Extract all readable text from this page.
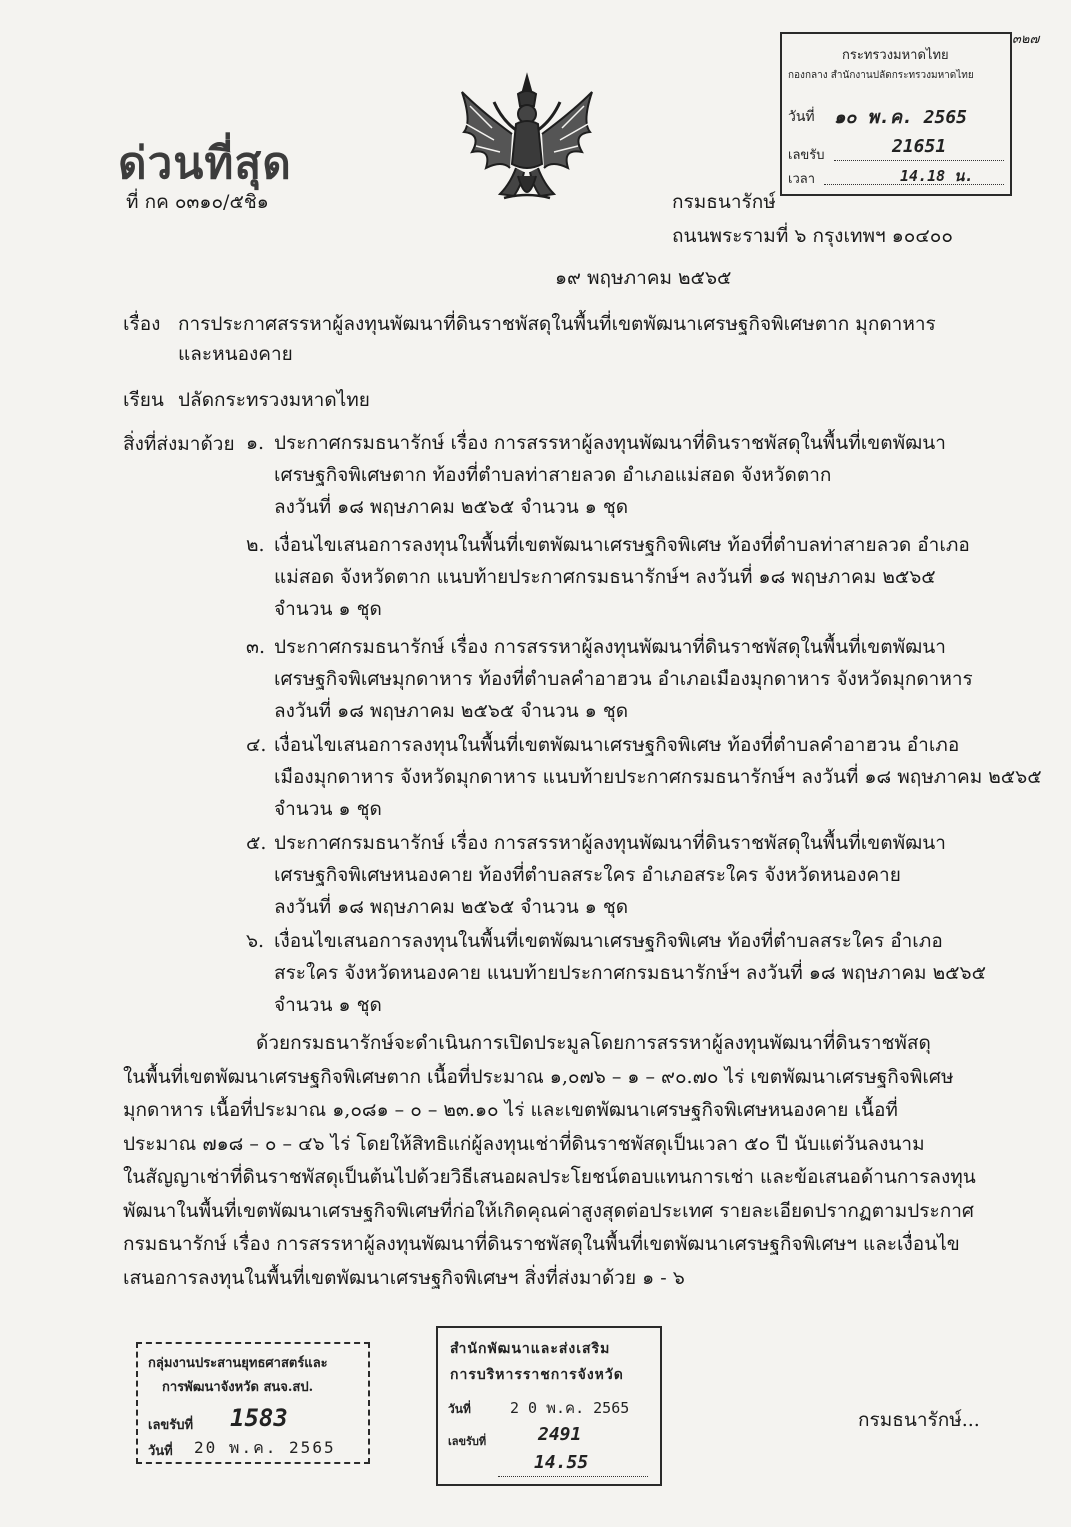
๓๒๗
กระทรวงมหาดไทย
กองกลาง สำนักงานปลัดกระทรวงมหาดไทย
วันที่ ๑๐ พ.ค. 2565
เลขรับ	21651
เวลา	14.18 น.
ด่วนที่สุด
ที่ กค ๐๓๑๐/๕ชิ๑	กรมธนารักษ์
ถนนพระรามที่ ๖ กรุงเทพฯ ๑๐๔๐๐
๑๙ พฤษภาคม ๒๕๖๕
เรื่อง การประกาศสรรหาผู้ลงทุนพัฒนาที่ดินราชพัสดุในพื้นที่เขตพัฒนาเศรษฐกิจพิเศษตาก มุกดาหาร
และหนองคาย
เรียน ปลัดกระทรวงมหาดไทย
สิ่งที่ส่งมาด้วย ๑. ประกาศกรมธนารักษ์ เรื่อง การสรรหาผู้ลงทุนพัฒนาที่ดินราชพัสดุในพื้นที่เขตพัฒนา
เศรษฐกิจพิเศษตาก ท้องที่ตำบลท่าสายลวด อำเภอแม่สอด จังหวัดตาก
ลงวันที่ ๑๘ พฤษภาคม ๒๕๖๕ จำนวน ๑ ชุด
๒. เงื่อนไขเสนอการลงทุนในพื้นที่เขตพัฒนาเศรษฐกิจพิเศษ ท้องที่ตำบลท่าสายลวด อำเภอ
แม่สอด จังหวัดตาก แนบท้ายประกาศกรมธนารักษ์ฯ ลงวันที่ ๑๘ พฤษภาคม ๒๕๖๕
จำนวน ๑ ชุด
๓. ประกาศกรมธนารักษ์ เรื่อง การสรรหาผู้ลงทุนพัฒนาที่ดินราชพัสดุในพื้นที่เขตพัฒนา
เศรษฐกิจพิเศษมุกดาหาร ท้องที่ตำบลคำอาฮวน อำเภอเมืองมุกดาหาร จังหวัดมุกดาหาร
ลงวันที่ ๑๘ พฤษภาคม ๒๕๖๕ จำนวน ๑ ชุด
๔. เงื่อนไขเสนอการลงทุนในพื้นที่เขตพัฒนาเศรษฐกิจพิเศษ ท้องที่ตำบลคำอาฮวน อำเภอ
เมืองมุกดาหาร จังหวัดมุกดาหาร แนบท้ายประกาศกรมธนารักษ์ฯ ลงวันที่ ๑๘ พฤษภาคม ๒๕๖๕
จำนวน ๑ ชุด
๕. ประกาศกรมธนารักษ์ เรื่อง การสรรหาผู้ลงทุนพัฒนาที่ดินราชพัสดุในพื้นที่เขตพัฒนา
เศรษฐกิจพิเศษหนองคาย ท้องที่ตำบลสระใคร อำเภอสระใคร จังหวัดหนองคาย
ลงวันที่ ๑๘ พฤษภาคม ๒๕๖๕ จำนวน ๑ ชุด
๖. เงื่อนไขเสนอการลงทุนในพื้นที่เขตพัฒนาเศรษฐกิจพิเศษ ท้องที่ตำบลสระใคร อำเภอ
สระใคร จังหวัดหนองคาย แนบท้ายประกาศกรมธนารักษ์ฯ ลงวันที่ ๑๘ พฤษภาคม ๒๕๖๕
จำนวน ๑ ชุด
ด้วยกรมธนารักษ์จะดำเนินการเปิดประมูลโดยการสรรหาผู้ลงทุนพัฒนาที่ดินราชพัสดุ
ในพื้นที่เขตพัฒนาเศรษฐกิจพิเศษตาก เนื้อที่ประมาณ ๑,๐๗๖ – ๑ – ๙๐.๗๐ ไร่ เขตพัฒนาเศรษฐกิจพิเศษ
มุกดาหาร เนื้อที่ประมาณ ๑,๐๘๑ – ๐ – ๒๓.๑๐ ไร่ และเขตพัฒนาเศรษฐกิจพิเศษหนองคาย เนื้อที่
ประมาณ ๗๑๘ – ๐ – ๔๖ ไร่ โดยให้สิทธิแก่ผู้ลงทุนเช่าที่ดินราชพัสดุเป็นเวลา ๕๐ ปี นับแต่วันลงนาม
ในสัญญาเช่าที่ดินราชพัสดุเป็นต้นไปด้วยวิธีเสนอผลประโยชน์ตอบแทนการเช่า และข้อเสนอด้านการลงทุน
พัฒนาในพื้นที่เขตพัฒนาเศรษฐกิจพิเศษที่ก่อให้เกิดคุณค่าสูงสุดต่อประเทศ รายละเอียดปรากฏตามประกาศ
กรมธนารักษ์ เรื่อง การสรรหาผู้ลงทุนพัฒนาที่ดินราชพัสดุในพื้นที่เขตพัฒนาเศรษฐกิจพิเศษฯ และเงื่อนไข
เสนอการลงทุนในพื้นที่เขตพัฒนาเศรษฐกิจพิเศษฯ สิ่งที่ส่งมาด้วย ๑ - ๖
กลุ่มงานประสานยุทธศาสตร์และ
การพัฒนาจังหวัด สนจ.สป.
เลขรับที่ 1583
วันที่ 20 พ.ค. 2565
สำนักพัฒนาและส่งเสริม
การบริหารราชการจังหวัด
วันที่	2 0 พ.ค. 2565
เลขรับที่	2491
14.55
กรมธนารักษ์...
